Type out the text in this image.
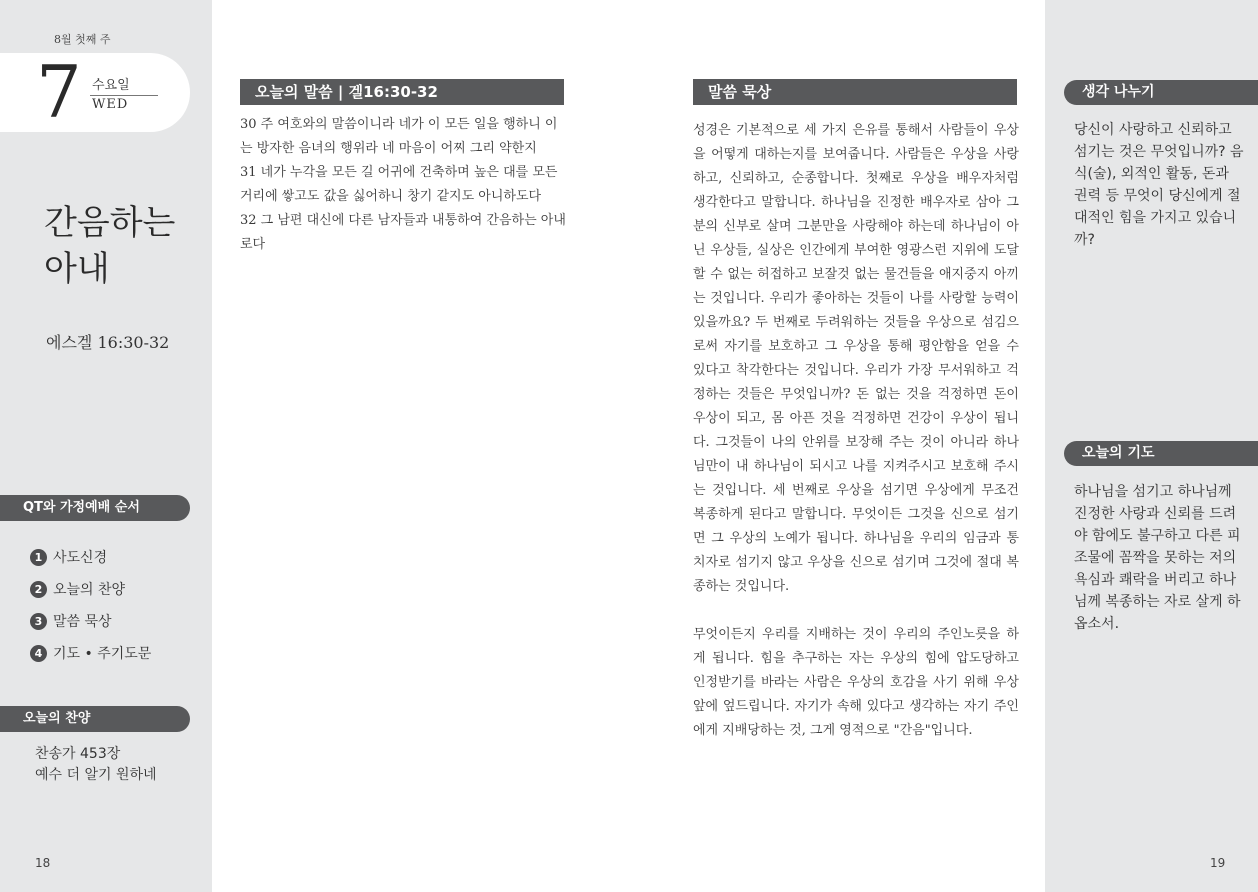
8월 첫째 주
7 수요일
WED
간음하는
아내
에스겔 16:30-32
QT와 가정예배 순서
1 사도신경
2 오늘의 찬양
3 말씀 묵상
4 기도 • 주기도문
오늘의 찬양
찬송가 453장
예수 더 알기 원하네
18
오늘의 말씀 | 겔16:30-32
30 주 여호와의 말씀이니라 네가 이 모든 일을 행하니 이는 방자한 음녀의 행위라 네 마음이 어찌 그리 약한지
31 네가 누각을 모든 길 어귀에 건축하며 높은 대를 모든 거리에 쌓고도 값을 싫어하니 창기 같지도 아니하도다
32 그 남편 대신에 다른 남자들과 내통하여 간음하는 아내로다
말씀 묵상

성경은 기본적으로 세 가지 은유를 통해서 사람들이 우상을 어떻게 대하는지를 보여줍니다. 사람들은 우상을 사랑하고, 신뢰하고, 순종합니다. 첫째로 우상을 배우자처럼 생각한다고 말합니다. 하나님을 진정한 배우자로 삼아 그분의 신부로 살며 그분만을 사랑해야 하는데 하나님이 아닌 우상들, 실상은 인간에게 부여한 영광스런 지위에 도달할 수 없는 허접하고 보잘것 없는 물건들을 애지중지 아끼는 것입니다. 우리가 좋아하는 것들이 나를 사랑할 능력이 있을까요? 두 번째로 두려워하는 것들을 우상으로 섬김으로써 자기를 보호하고 그 우상을 통해 평안함을 얻을 수 있다고 착각한다는 것입니다. 우리가 가장 무서워하고 걱정하는 것들은 무엇입니까? 돈 없는 것을 걱정하면 돈이 우상이 되고, 몸 아픈 것을 걱정하면 건강이 우상이 됩니다. 그것들이 나의 안위를 보장해 주는 것이 아니라 하나님만이 내 하나님이 되시고 나를 지켜주시고 보호해 주시는 것입니다. 세 번째로 우상을 섬기면 우상에게 무조건 복종하게 된다고 말합니다. 무엇이든 그것을 신으로 섬기면 그 우상의 노예가 됩니다. 하나님을 우리의 임금과 통치자로 섬기지 않고 우상을 신으로 섬기며 그것에 절대 복종하는 것입니다.

무엇이든지 우리를 지배하는 것이 우리의 주인노릇을 하게 됩니다. 힘을 추구하는 자는 우상의 힘에 압도당하고 인정받기를 바라는 사람은 우상의 호감을 사기 위해 우상 앞에 엎드립니다. 자기가 속해 있다고 생각하는 자기 주인에게 지배당하는 것, 그게 영적으로 "간음"입니다.

생각 나누기
당신이 사랑하고 신뢰하고 섬기는 것은 무엇입니까? 음식(술), 외적인 활동, 돈과 권력 등 무엇이 당신에게 절대적인 힘을 가지고 있습니까?
오늘의 기도
하나님을 섬기고 하나님께 진정한 사랑과 신뢰를 드려야 함에도 불구하고 다른 피조물에 꼼짝을 못하는 저의 욕심과 쾌락을 버리고 하나님께 복종하는 자로 살게 하옵소서.
19
